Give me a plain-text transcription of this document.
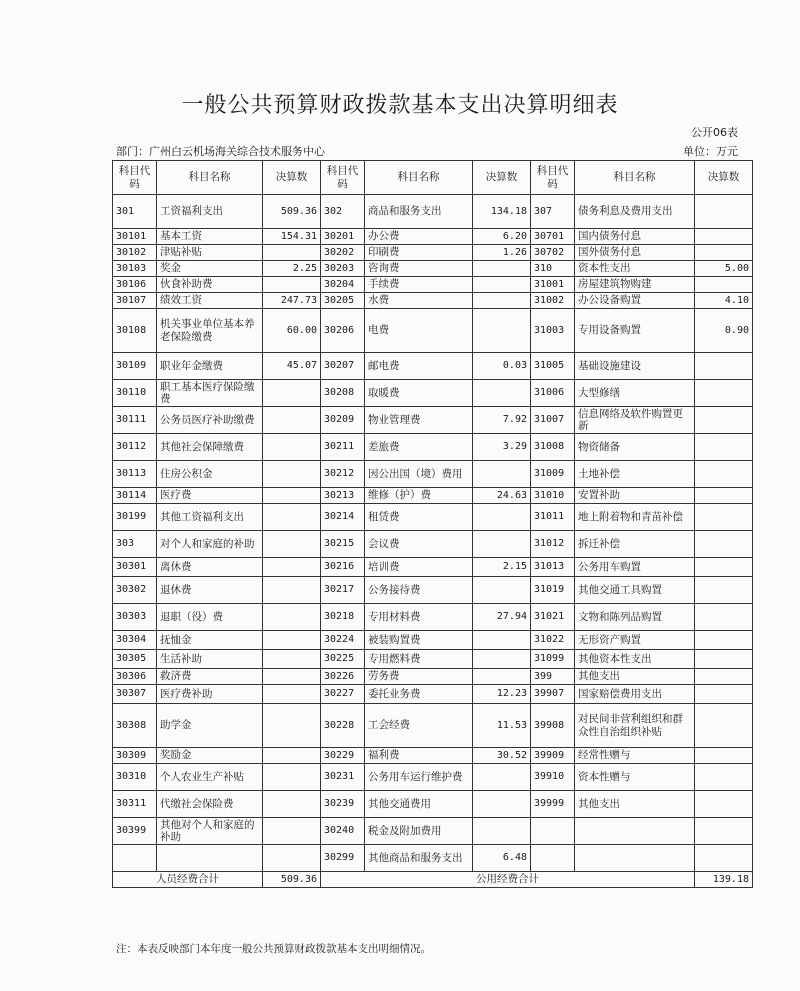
一般公共预算财政拨款基本支出决算明细表
公开06表
部门：广州白云机场海关综合技术服务中心	单位：万元
科目代码	科目名称	决算数	科目代码	科目名称	决算数	科目代码	科目名称	决算数
301	工资福利支出	509.36	302	商品和服务支出	134.18	307	债务利息及费用支出	
30101	基本工资	154.31	30201	办公费	6.20	30701	国内债务付息	
30102	津贴补贴		30202	印刷费	1.26	30702	国外债务付息	
30103	奖金	2.25	30203	咨询费		310	资本性支出	5.00
30106	伙食补助费		30204	手续费		31001	房屋建筑物购建	
30107	绩效工资	247.73	30205	水费		31002	办公设备购置	4.10
30108	机关事业单位基本养老保险缴费	60.00	30206	电费		31003	专用设备购置	0.90
30109	职业年金缴费	45.07	30207	邮电费	0.03	31005	基础设施建设	
30110	职工基本医疗保险缴费		30208	取暖费		31006	大型修缮	
30111	公务员医疗补助缴费		30209	物业管理费	7.92	31007	信息网络及软件购置更新	
30112	其他社会保障缴费		30211	差旅费	3.29	31008	物资储备	
30113	住房公积金		30212	因公出国（境）费用		31009	土地补偿	
30114	医疗费		30213	维修（护）费	24.63	31010	安置补助	
30199	其他工资福利支出		30214	租赁费		31011	地上附着物和青苗补偿	
303	对个人和家庭的补助		30215	会议费		31012	拆迁补偿	
30301	离休费		30216	培训费	2.15	31013	公务用车购置	
30302	退休费		30217	公务接待费		31019	其他交通工具购置	
30303	退职（役）费		30218	专用材料费	27.94	31021	文物和陈列品购置	
30304	抚恤金		30224	被装购置费		31022	无形资产购置	
30305	生活补助		30225	专用燃料费		31099	其他资本性支出	
30306	救济费		30226	劳务费		399	其他支出	
30307	医疗费补助		30227	委托业务费	12.23	39907	国家赔偿费用支出	
30308	助学金		30228	工会经费	11.53	39908	对民间非营利组织和群众性自治组织补贴	
30309	奖励金		30229	福利费	30.52	39909	经常性赠与	
30310	个人农业生产补贴		30231	公务用车运行维护费		39910	资本性赠与	
30311	代缴社会保险费		30239	其他交通费用		39999	其他支出	
30399	其他对个人和家庭的补助		30240	税金及附加费用				
			30299	其他商品和服务支出	6.48			
人员经费合计		509.36	公用经费合计					139.18
注：本表反映部门本年度一般公共预算财政拨款基本支出明细情况。
